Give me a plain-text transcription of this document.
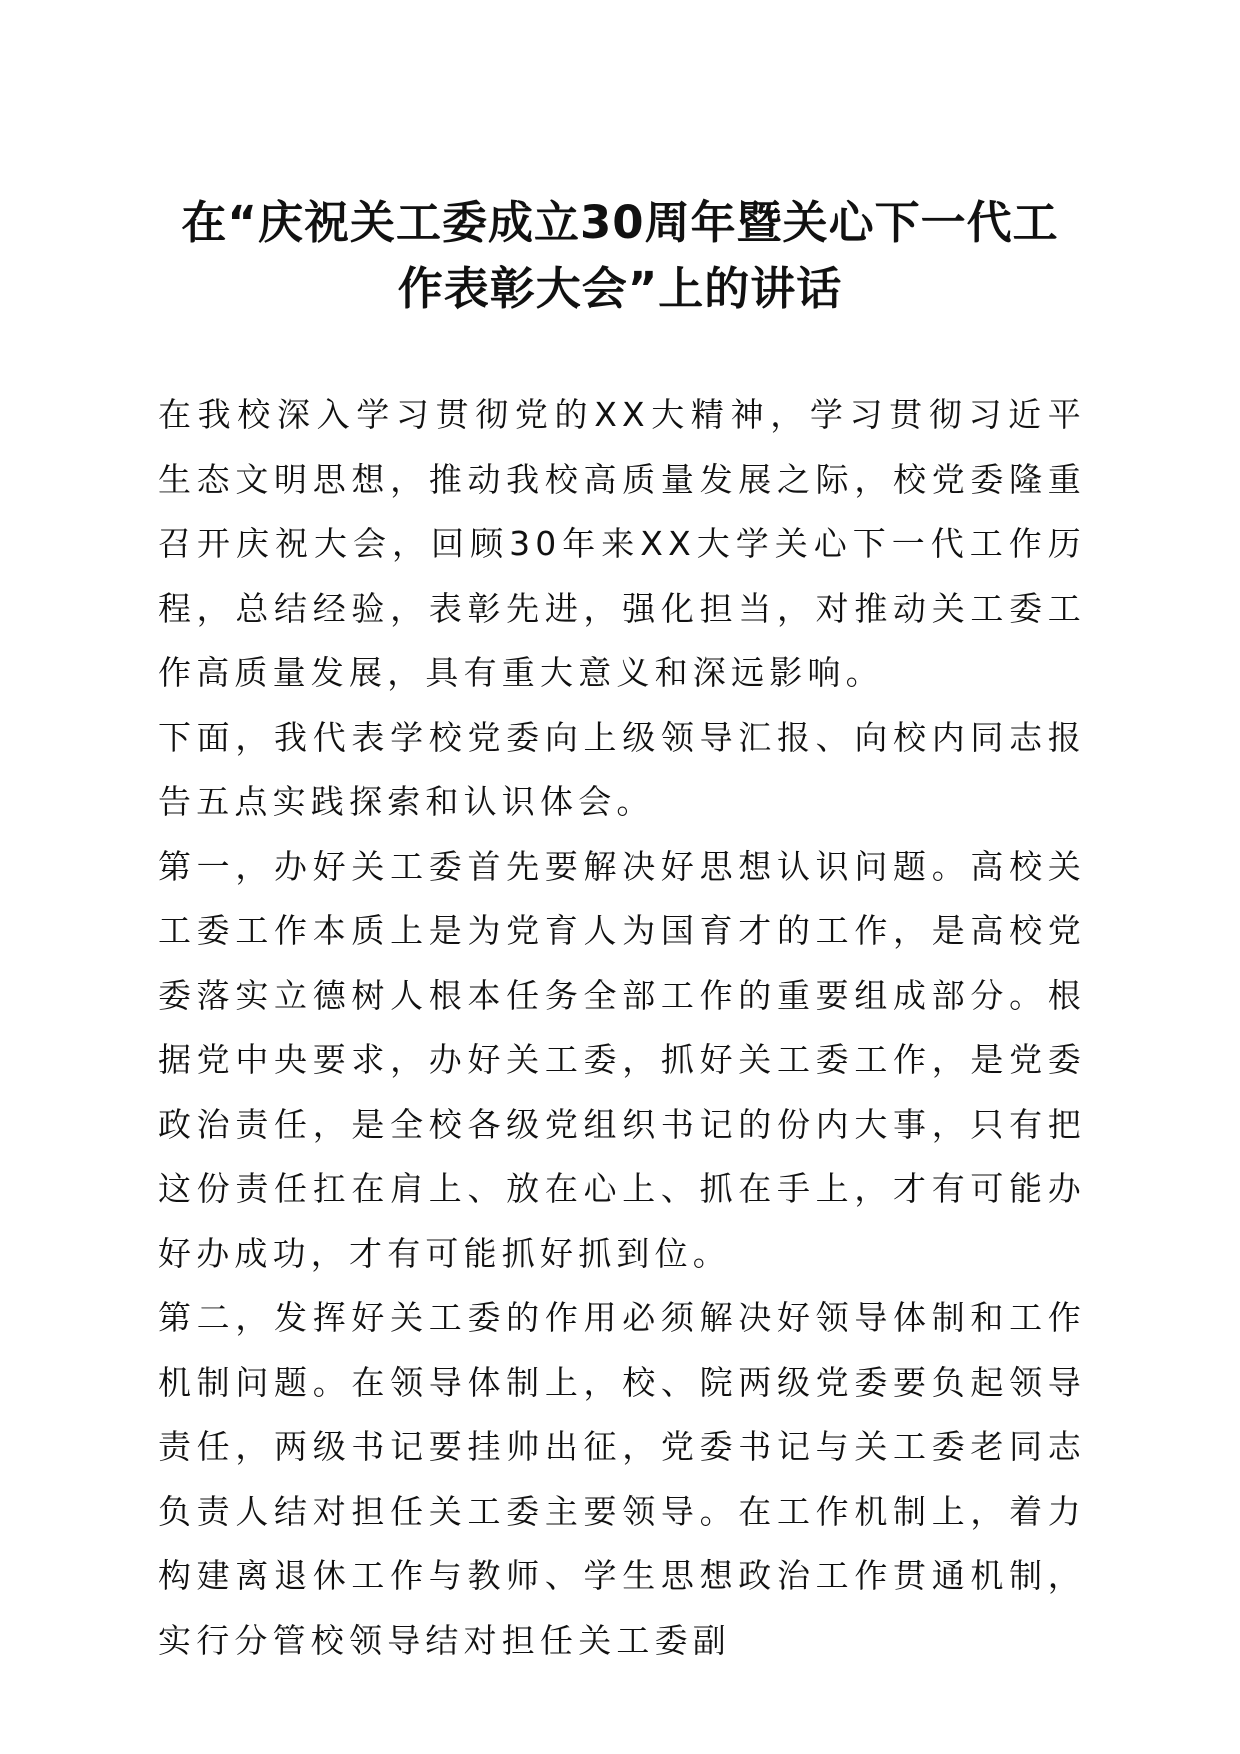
在“庆祝关工委成立30周年暨关心下一代工
作表彰大会”上的讲话

在我校深入学习贯彻党的XX大精神，学习贯彻习近平生态文明思想，推动我校高质量发展之际，校党委隆重召开庆祝大会，回顾30年来XX大学关心下一代工作历程，总结经验，表彰先进，强化担当，对推动关工委工作高质量发展，具有重大意义和深远影响。

下面，我代表学校党委向上级领导汇报、向校内同志报告五点实践探索和认识体会。

第一，办好关工委首先要解决好思想认识问题。高校关工委工作本质上是为党育人为国育才的工作，是高校党委落实立德树人根本任务全部工作的重要组成部分。根据党中央要求，办好关工委，抓好关工委工作，是党委政治责任，是全校各级党组织书记的份内大事，只有把这份责任扛在肩上、放在心上、抓在手上，才有可能办好办成功，才有可能抓好抓到位。

第二，发挥好关工委的作用必须解决好领导体制和工作机制问题。在领导体制上，校、院两级党委要负起领导责任，两级书记要挂帅出征，党委书记与关工委老同志负责人结对担任关工委主要领导。在工作机制上，着力构建离退休工作与教师、学生思想政治工作贯通机制，实行分管校领导结对担任关工委副
